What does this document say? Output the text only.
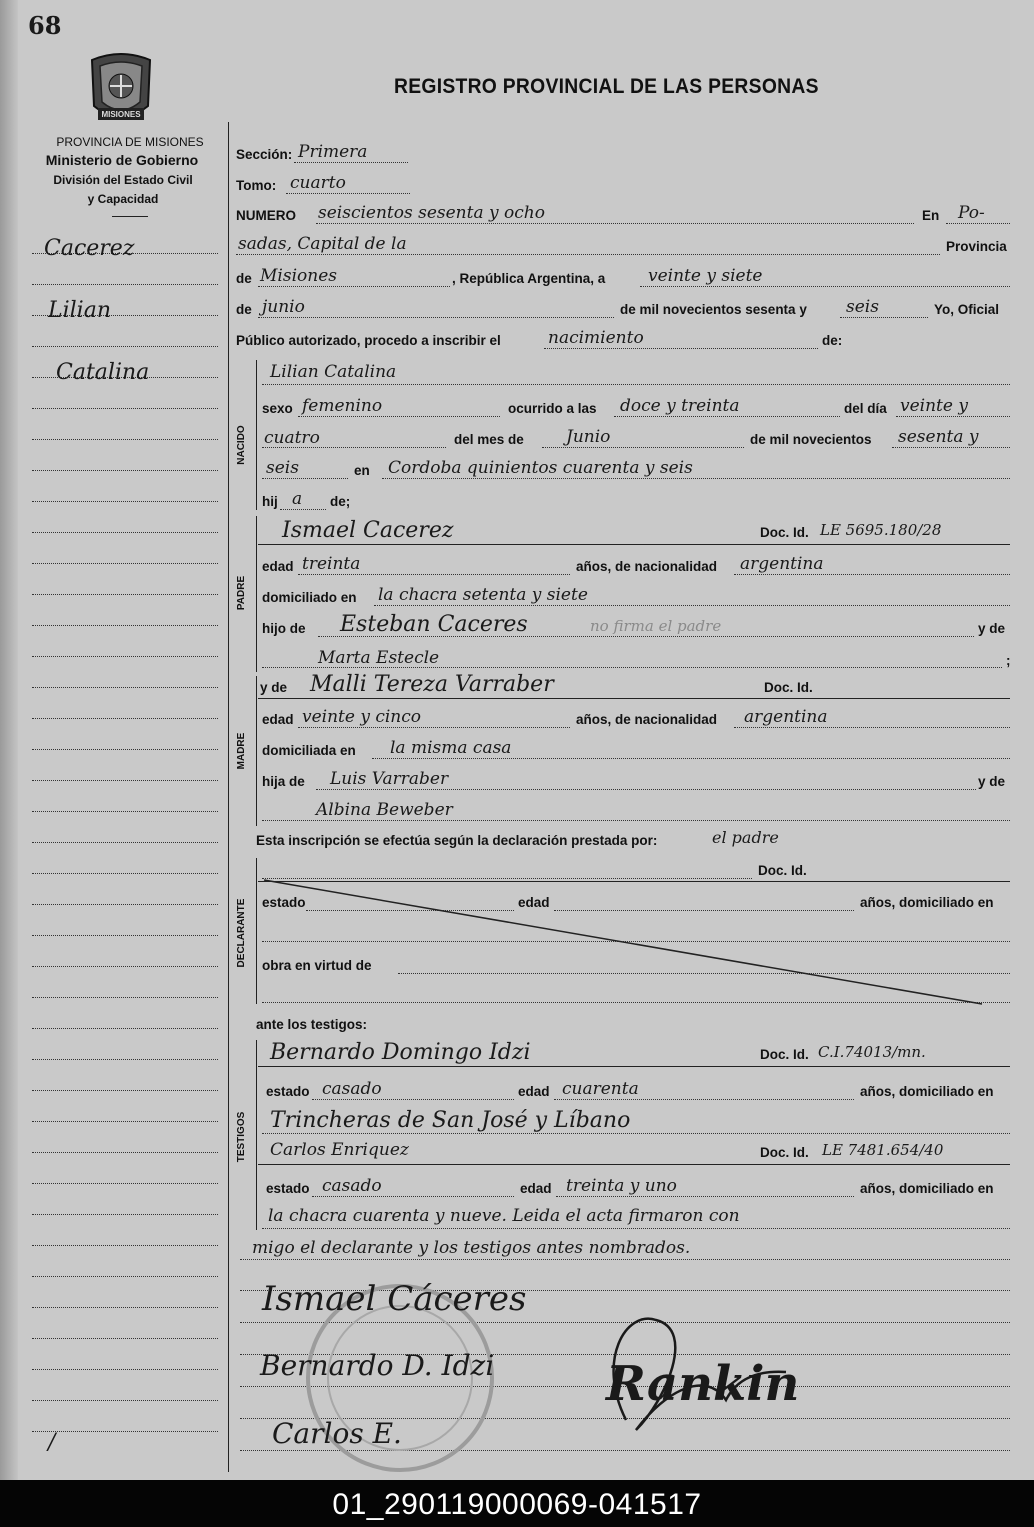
68
MISIONES
REGISTRO PROVINCIAL DE LAS PERSONAS
PROVINCIA DE MISIONES
Ministerio de Gobierno
División del Estado Civil
y Capacidad
Cacerez
Lilian
Catalina
/
Sección: Primera
Tomo: cuarto
NUMERO seiscientos sesenta y ocho	En Po-
sadas, Capital de la	Provincia
de Misiones	, República Argentina, a	veinte y siete
de junio	de mil novecientos sesenta y seis	Yo, Oficial
Público autorizado, procedo a inscribir el	nacimiento	de:
NACIDO
Lilian Catalina
sexo femenino	ocurrido a las doce y treinta	del día veinte y
cuatro	del mes de Junio	de mil novecientos sesenta y
seis	en Cordoba quinientos cuarenta y seis
hij a de;
PADRE
Ismael Cacerez	Doc. Id. LE 5695.180/28
edad treinta	años, de nacionalidad argentina
domiciliado en la chacra setenta y siete
hijo de Esteban Caceres	no firma el padre	y de
Marta Estecle	;
MADRE
y de Malli Tereza Varraber	Doc. Id.
edad veinte y cinco	años, de nacionalidad argentina
domiciliada en la misma casa
hija de Luis Varraber	y de
Albina Beweber
Esta inscripción se efectúa según la declaración prestada por:	el padre
DECLARANTE
Doc. Id.
estado	edad	años, domiciliado en
obra en virtud de
ante los testigos:
TESTIGOS
Bernardo Domingo Idzi	Doc. Id. C.I.74013/mn.
estado casado	edad cuarenta	años, domiciliado en
Trincheras de San José y Líbano
Carlos Enriquez	Doc. Id. LE 7481.654/40
estado casado	edad treinta y uno	años, domiciliado en
la chacra cuarenta y nueve. Leida el acta firmaron con
migo el declarante y los testigos antes nombrados.
Ismael Cáceres
Bernardo D. Idzi
Carlos E.
Rankin
01_290119000069-041517
